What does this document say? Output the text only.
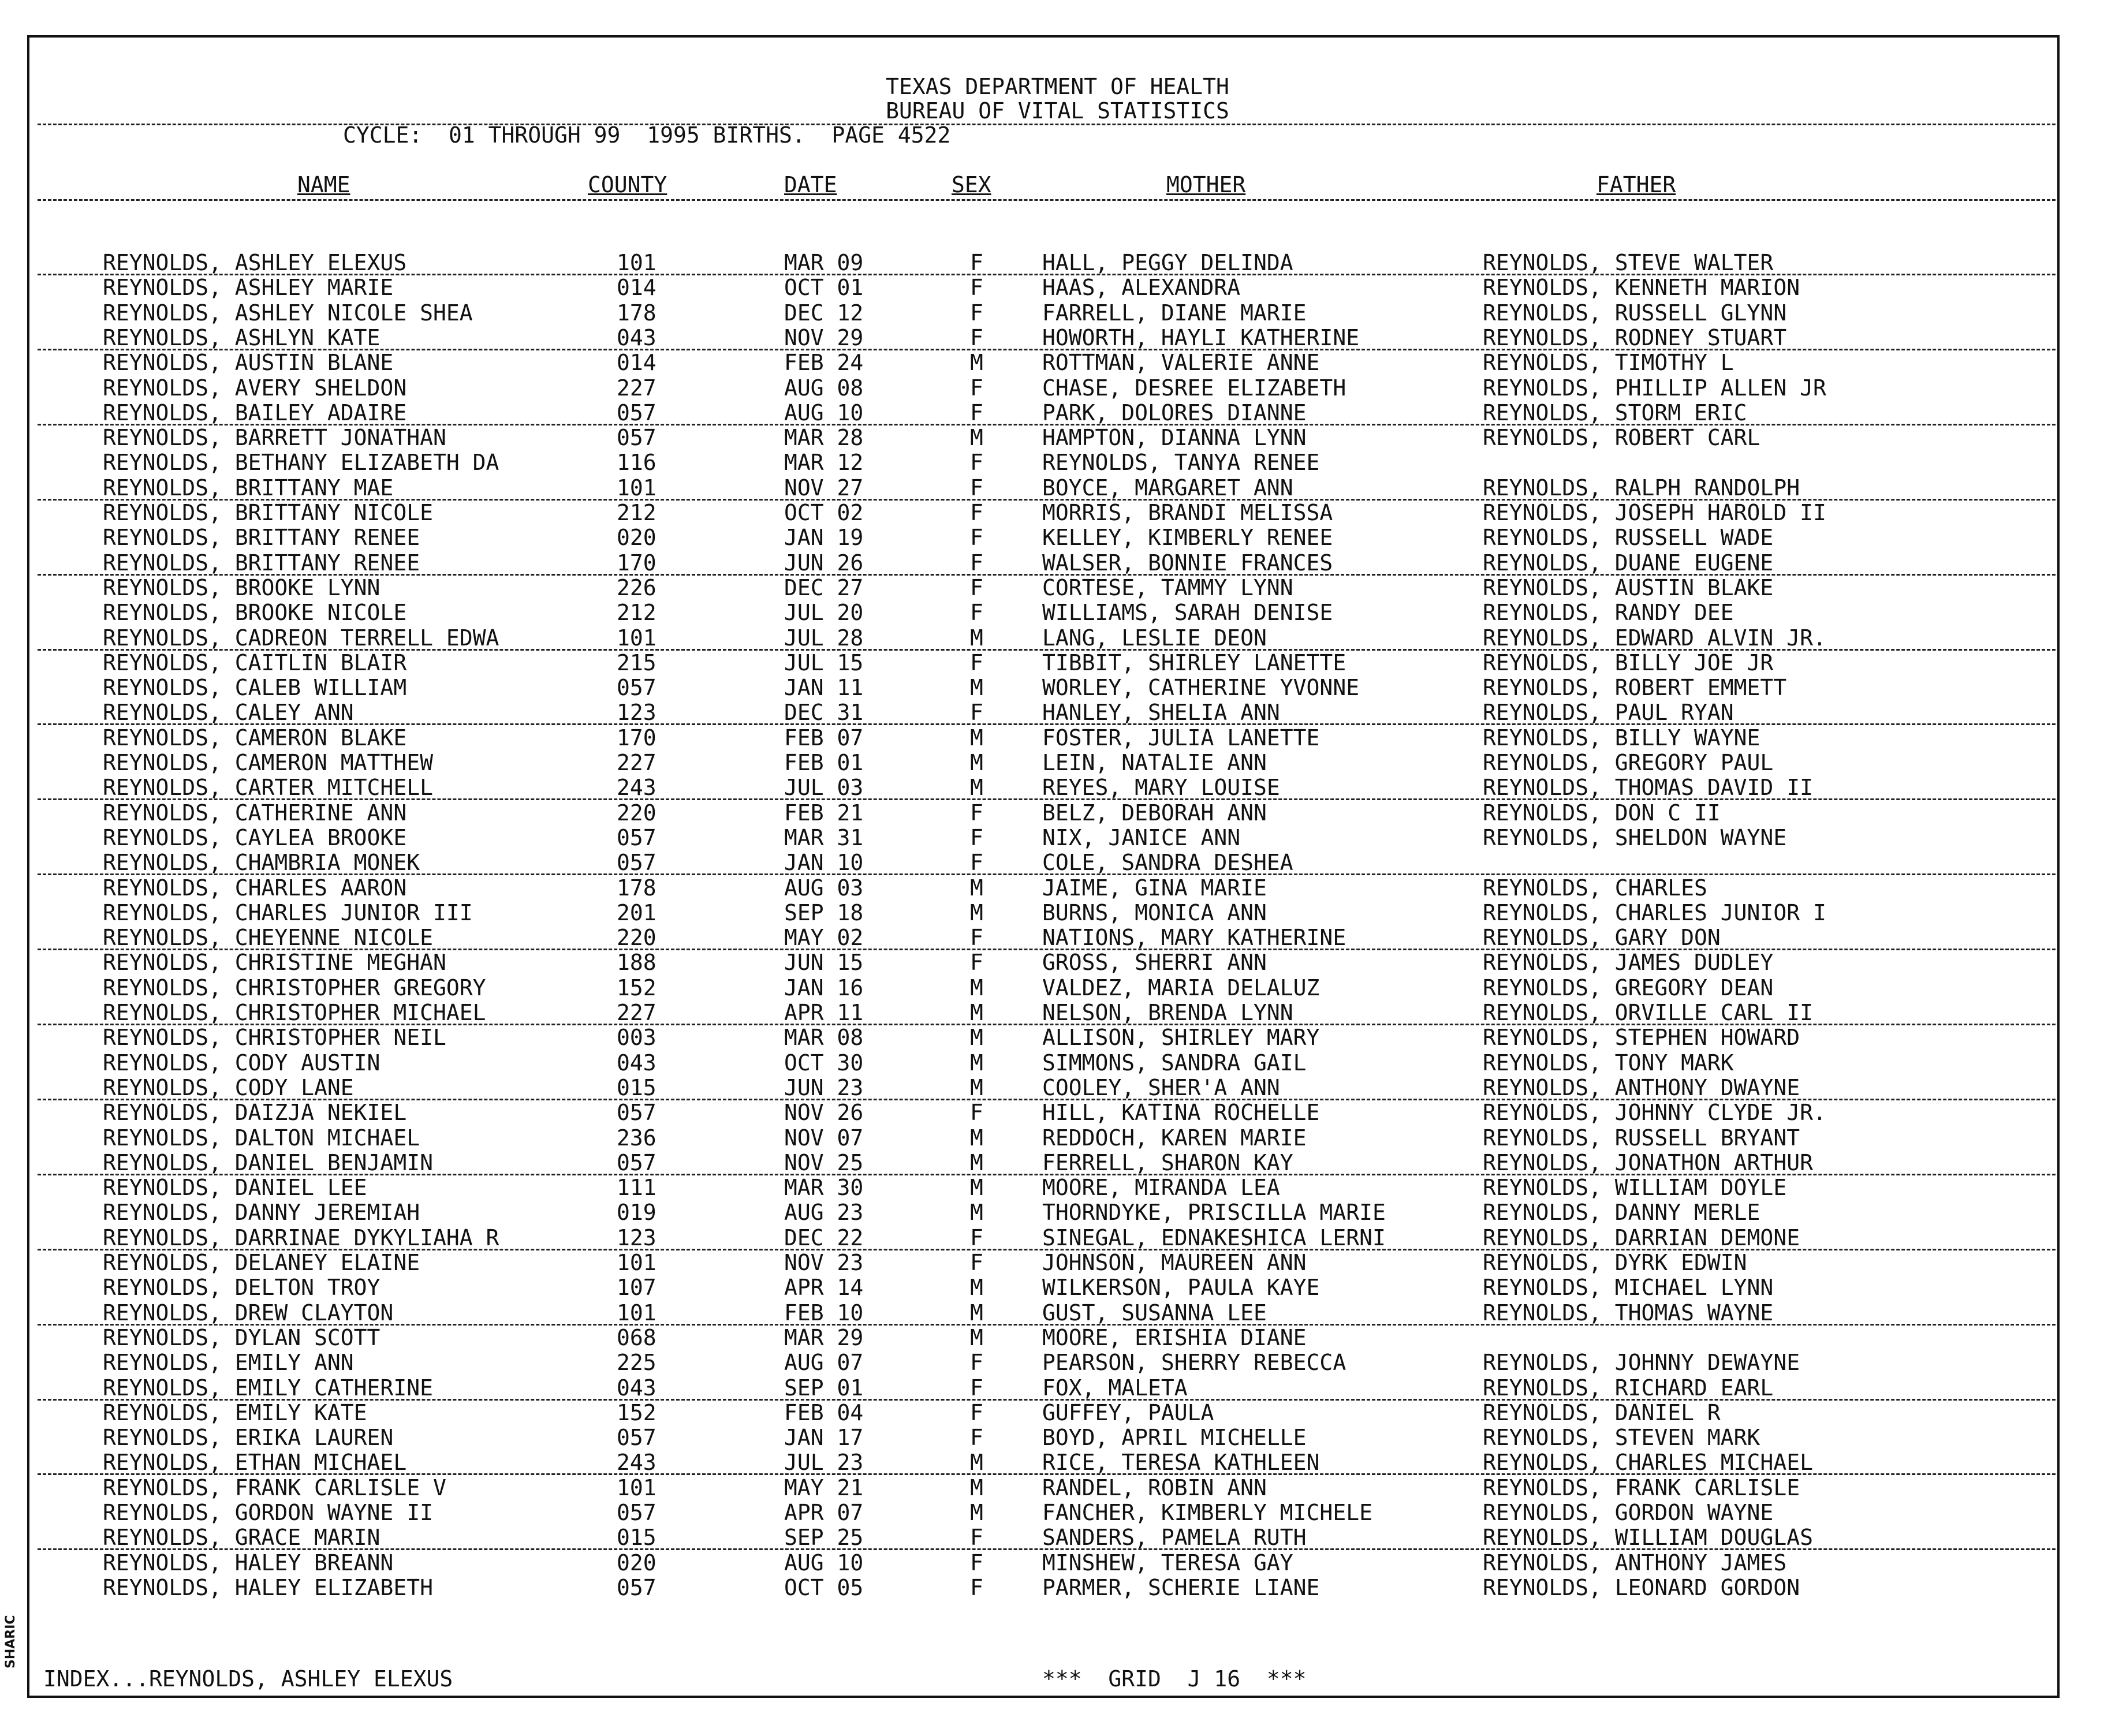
SHARIC
TEXAS DEPARTMENT OF HEALTH
BUREAU OF VITAL STATISTICS
CYCLE:  01 THROUGH 99  1995 BIRTHS.  PAGE 4522
NAME	COUNTY	DATE	SEX	MOTHER	FATHER
REYNOLDS, ASHLEY ELEXUS	101	MAR 09	F	HALL, PEGGY DELINDA	REYNOLDS, STEVE WALTER
REYNOLDS, ASHLEY MARIE	014	OCT 01	F	HAAS, ALEXANDRA	REYNOLDS, KENNETH MARION
REYNOLDS, ASHLEY NICOLE SHEA	178	DEC 12	F	FARRELL, DIANE MARIE	REYNOLDS, RUSSELL GLYNN
REYNOLDS, ASHLYN KATE	043	NOV 29	F	HOWORTH, HAYLI KATHERINE	REYNOLDS, RODNEY STUART
REYNOLDS, AUSTIN BLANE	014	FEB 24	M	ROTTMAN, VALERIE ANNE	REYNOLDS, TIMOTHY L
REYNOLDS, AVERY SHELDON	227	AUG 08	F	CHASE, DESREE ELIZABETH	REYNOLDS, PHILLIP ALLEN JR
REYNOLDS, BAILEY ADAIRE	057	AUG 10	F	PARK, DOLORES DIANNE	REYNOLDS, STORM ERIC
REYNOLDS, BARRETT JONATHAN	057	MAR 28	M	HAMPTON, DIANNA LYNN	REYNOLDS, ROBERT CARL
REYNOLDS, BETHANY ELIZABETH DA	116	MAR 12	F	REYNOLDS, TANYA RENEE
REYNOLDS, BRITTANY MAE	101	NOV 27	F	BOYCE, MARGARET ANN	REYNOLDS, RALPH RANDOLPH
REYNOLDS, BRITTANY NICOLE	212	OCT 02	F	MORRIS, BRANDI MELISSA	REYNOLDS, JOSEPH HAROLD II
REYNOLDS, BRITTANY RENEE	020	JAN 19	F	KELLEY, KIMBERLY RENEE	REYNOLDS, RUSSELL WADE
REYNOLDS, BRITTANY RENEE	170	JUN 26	F	WALSER, BONNIE FRANCES	REYNOLDS, DUANE EUGENE
REYNOLDS, BROOKE LYNN	226	DEC 27	F	CORTESE, TAMMY LYNN	REYNOLDS, AUSTIN BLAKE
REYNOLDS, BROOKE NICOLE	212	JUL 20	F	WILLIAMS, SARAH DENISE	REYNOLDS, RANDY DEE
REYNOLDS, CADREON TERRELL EDWA	101	JUL 28	M	LANG, LESLIE DEON	REYNOLDS, EDWARD ALVIN JR.
REYNOLDS, CAITLIN BLAIR	215	JUL 15	F	TIBBIT, SHIRLEY LANETTE	REYNOLDS, BILLY JOE JR
REYNOLDS, CALEB WILLIAM	057	JAN 11	M	WORLEY, CATHERINE YVONNE	REYNOLDS, ROBERT EMMETT
REYNOLDS, CALEY ANN	123	DEC 31	F	HANLEY, SHELIA ANN	REYNOLDS, PAUL RYAN
REYNOLDS, CAMERON BLAKE	170	FEB 07	M	FOSTER, JULIA LANETTE	REYNOLDS, BILLY WAYNE
REYNOLDS, CAMERON MATTHEW	227	FEB 01	M	LEIN, NATALIE ANN	REYNOLDS, GREGORY PAUL
REYNOLDS, CARTER MITCHELL	243	JUL 03	M	REYES, MARY LOUISE	REYNOLDS, THOMAS DAVID II
REYNOLDS, CATHERINE ANN	220	FEB 21	F	BELZ, DEBORAH ANN	REYNOLDS, DON C II
REYNOLDS, CAYLEA BROOKE	057	MAR 31	F	NIX, JANICE ANN	REYNOLDS, SHELDON WAYNE
REYNOLDS, CHAMBRIA MONEK	057	JAN 10	F	COLE, SANDRA DESHEA
REYNOLDS, CHARLES AARON	178	AUG 03	M	JAIME, GINA MARIE	REYNOLDS, CHARLES
REYNOLDS, CHARLES JUNIOR III	201	SEP 18	M	BURNS, MONICA ANN	REYNOLDS, CHARLES JUNIOR I
REYNOLDS, CHEYENNE NICOLE	220	MAY 02	F	NATIONS, MARY KATHERINE	REYNOLDS, GARY DON
REYNOLDS, CHRISTINE MEGHAN	188	JUN 15	F	GROSS, SHERRI ANN	REYNOLDS, JAMES DUDLEY
REYNOLDS, CHRISTOPHER GREGORY	152	JAN 16	M	VALDEZ, MARIA DELALUZ	REYNOLDS, GREGORY DEAN
REYNOLDS, CHRISTOPHER MICHAEL	227	APR 11	M	NELSON, BRENDA LYNN	REYNOLDS, ORVILLE CARL II
REYNOLDS, CHRISTOPHER NEIL	003	MAR 08	M	ALLISON, SHIRLEY MARY	REYNOLDS, STEPHEN HOWARD
REYNOLDS, CODY AUSTIN	043	OCT 30	M	SIMMONS, SANDRA GAIL	REYNOLDS, TONY MARK
REYNOLDS, CODY LANE	015	JUN 23	M	COOLEY, SHER'A ANN	REYNOLDS, ANTHONY DWAYNE
REYNOLDS, DAIZJA NEKIEL	057	NOV 26	F	HILL, KATINA ROCHELLE	REYNOLDS, JOHNNY CLYDE JR.
REYNOLDS, DALTON MICHAEL	236	NOV 07	M	REDDOCH, KAREN MARIE	REYNOLDS, RUSSELL BRYANT
REYNOLDS, DANIEL BENJAMIN	057	NOV 25	M	FERRELL, SHARON KAY	REYNOLDS, JONATHON ARTHUR
REYNOLDS, DANIEL LEE	111	MAR 30	M	MOORE, MIRANDA LEA	REYNOLDS, WILLIAM DOYLE
REYNOLDS, DANNY JEREMIAH	019	AUG 23	M	THORNDYKE, PRISCILLA MARIE	REYNOLDS, DANNY MERLE
REYNOLDS, DARRINAE DYKYLIAHA R	123	DEC 22	F	SINEGAL, EDNAKESHICA LERNI	REYNOLDS, DARRIAN DEMONE
REYNOLDS, DELANEY ELAINE	101	NOV 23	F	JOHNSON, MAUREEN ANN	REYNOLDS, DYRK EDWIN
REYNOLDS, DELTON TROY	107	APR 14	M	WILKERSON, PAULA KAYE	REYNOLDS, MICHAEL LYNN
REYNOLDS, DREW CLAYTON	101	FEB 10	M	GUST, SUSANNA LEE	REYNOLDS, THOMAS WAYNE
REYNOLDS, DYLAN SCOTT	068	MAR 29	M	MOORE, ERISHIA DIANE
REYNOLDS, EMILY ANN	225	AUG 07	F	PEARSON, SHERRY REBECCA	REYNOLDS, JOHNNY DEWAYNE
REYNOLDS, EMILY CATHERINE	043	SEP 01	F	FOX, MALETA	REYNOLDS, RICHARD EARL
REYNOLDS, EMILY KATE	152	FEB 04	F	GUFFEY, PAULA	REYNOLDS, DANIEL R
REYNOLDS, ERIKA LAUREN	057	JAN 17	F	BOYD, APRIL MICHELLE	REYNOLDS, STEVEN MARK
REYNOLDS, ETHAN MICHAEL	243	JUL 23	M	RICE, TERESA KATHLEEN	REYNOLDS, CHARLES MICHAEL
REYNOLDS, FRANK CARLISLE V	101	MAY 21	M	RANDEL, ROBIN ANN	REYNOLDS, FRANK CARLISLE
REYNOLDS, GORDON WAYNE II	057	APR 07	M	FANCHER, KIMBERLY MICHELE	REYNOLDS, GORDON WAYNE
REYNOLDS, GRACE MARIN	015	SEP 25	F	SANDERS, PAMELA RUTH	REYNOLDS, WILLIAM DOUGLAS
REYNOLDS, HALEY BREANN	020	AUG 10	F	MINSHEW, TERESA GAY	REYNOLDS, ANTHONY JAMES
REYNOLDS, HALEY ELIZABETH	057	OCT 05	F	PARMER, SCHERIE LIANE	REYNOLDS, LEONARD GORDON
INDEX...REYNOLDS, ASHLEY ELEXUS	***  GRID  J 16  ***
